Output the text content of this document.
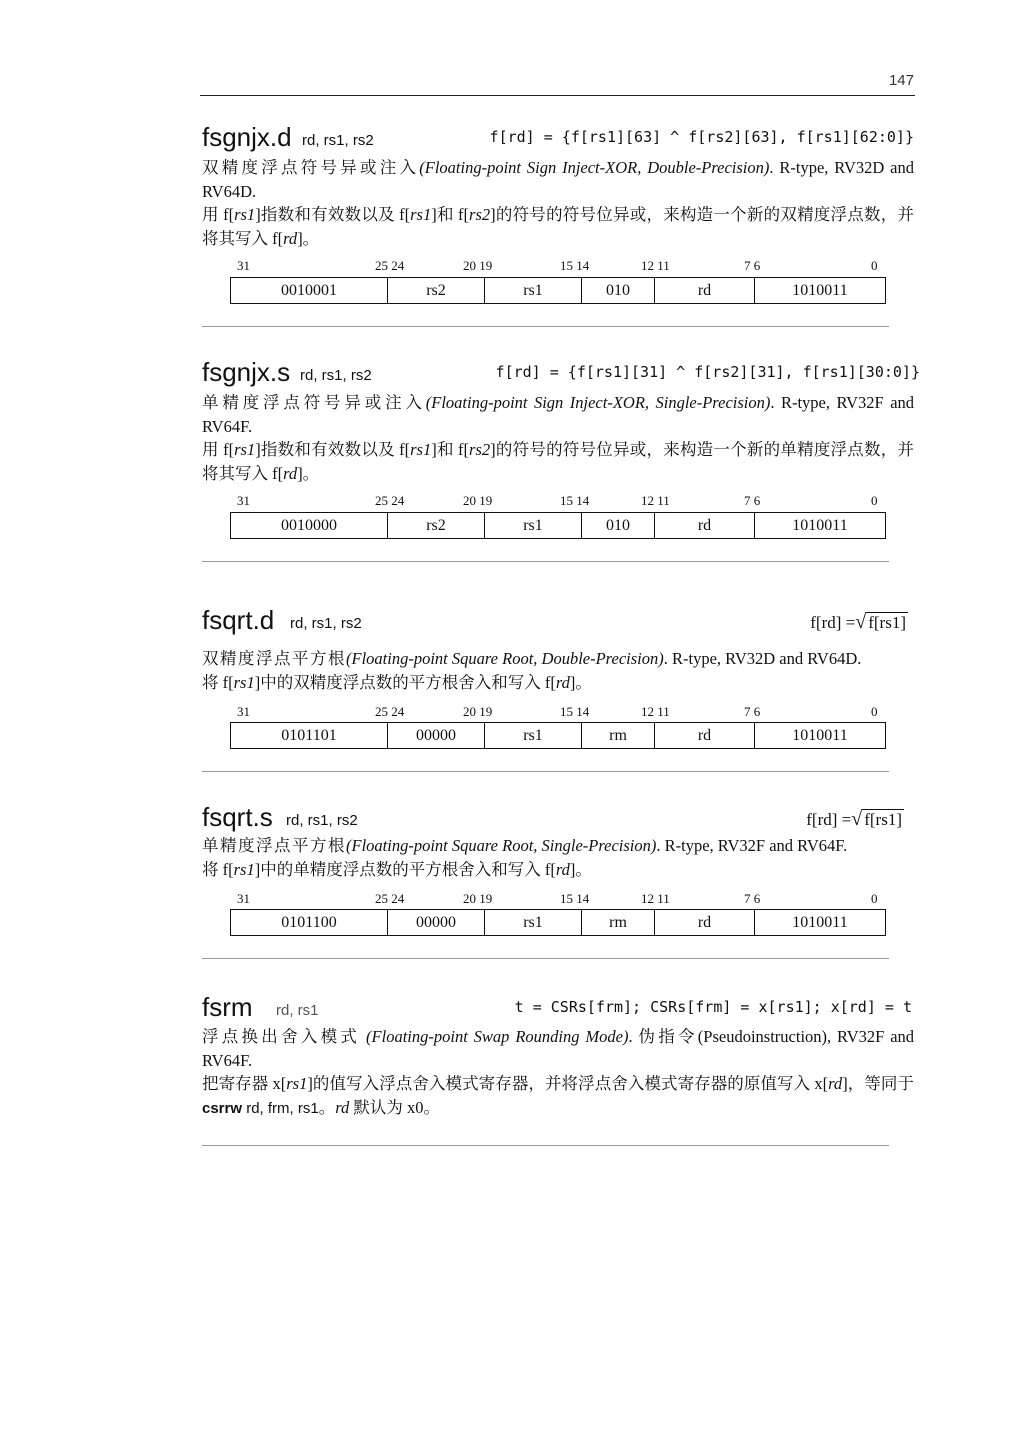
147
fsgnjx.d rd, rs1, rs2	f[rd] = {f[rs1][63] ^ f[rs2][63], f[rs1][62:0]}
双精度浮点符号异或注入(Floating-point Sign Inject-XOR, Double-Precision). R-type, RV32D and RV64D.
用 f[rs1]指数和有效数以及 f[rs1]和 f[rs2]的符号的符号位异或，来构造一个新的双精度浮点数，并将其写入 f[rd]。
31	25 24	20 19	15 14	12 11	7 6	0
0010001	rs2	rs1	010	rd	1010011
fsgnjx.s rd, rs1, rs2	f[rd] = {f[rs1][31] ^ f[rs2][31], f[rs1][30:0]}
单精度浮点符号异或注入(Floating-point Sign Inject-XOR, Single-Precision). R-type, RV32F and RV64F.
用 f[rs1]指数和有效数以及 f[rs1]和 f[rs2]的符号的符号位异或，来构造一个新的单精度浮点数，并将其写入 f[rd]。
31	25 24	20 19	15 14	12 11	7 6	0
0010000	rs2	rs1	010	rd	1010011
fsqrt.d rd, rs1, rs2	f[rd] =√ f[rs1]
双精度浮点平方根(Floating-point Square Root, Double-Precision). R-type, RV32D and RV64D.
将 f[rs1]中的双精度浮点数的平方根舍入和写入 f[rd]。
31	25 24	20 19	15 14	12 11	7 6	0
0101101	00000	rs1	rm	rd	1010011
fsqrt.s rd, rs1, rs2	f[rd] =√ f[rs1]
单精度浮点平方根(Floating-point Square Root, Single-Precision). R-type, RV32F and RV64F.
将 f[rs1]中的单精度浮点数的平方根舍入和写入 f[rd]。
31	25 24	20 19	15 14	12 11	7 6	0
0101100	00000	rs1	rm	rd	1010011
fsrm rd, rs1	t = CSRs[frm]; CSRs[frm] = x[rs1]; x[rd] = t
浮点换出舍入模式 (Floating-point Swap Rounding Mode). 伪指令(Pseudoinstruction), RV32F and RV64F.
把寄存器 x[rs1]的值写入浮点舍入模式寄存器，并将浮点舍入模式寄存器的原值写入 x[rd]，等同于 csrrw rd, frm, rs1。rd 默认为 x0。
